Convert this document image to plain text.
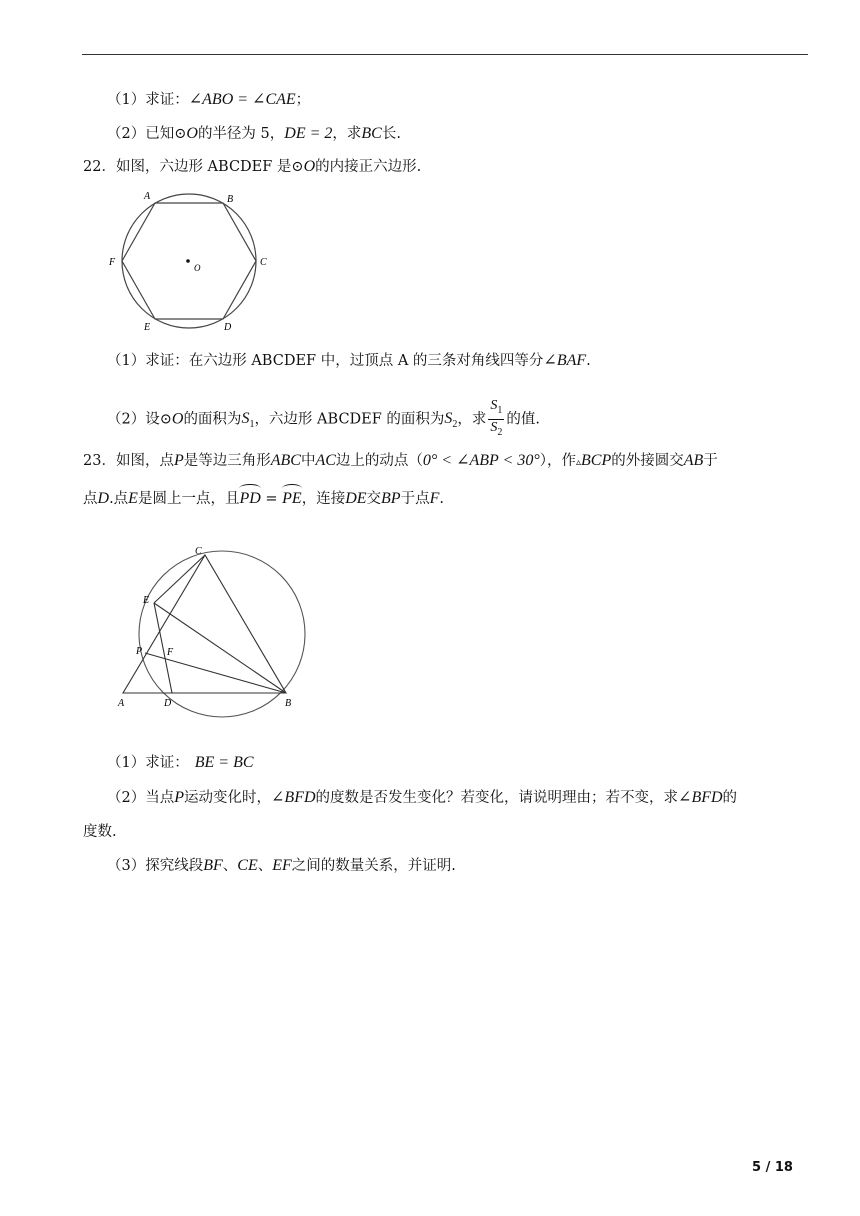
（1）求证：∠ABO = ∠CAE；
（2）已知⊙O的半径为 5，DE = 2，求BC长.
22．如图，六边形 ABCDEF 是⊙O的内接正六边形.
O
A	B
C
D
E
F
（1）求证：在六边形 ABCDEF 中，过顶点 A 的三条对角线四等分∠BAF.
（2）设⊙O的面积为$S_1$，六边形 ABCDEF 的面积为$S_2$，求 $\frac{S_1}{S_2}$ 的值.
23．如图，点P是等边三角形ABC中AC边上的动点（0° < ∠ABP < 30°），作▵BCP的外接圆交AB于
点D.点E是圆上一点，且PD = PE，连接DE交BP于点F.
C
E
P F
A	D	B
（1）求证： BE = BC
（2）当点P运动变化时，∠BFD的度数是否发生变化？若变化，请说明理由；若不变，求∠BFD的
度数.
（3）探究线段BF、CE、EF之间的数量关系，并证明.
5 / 18
